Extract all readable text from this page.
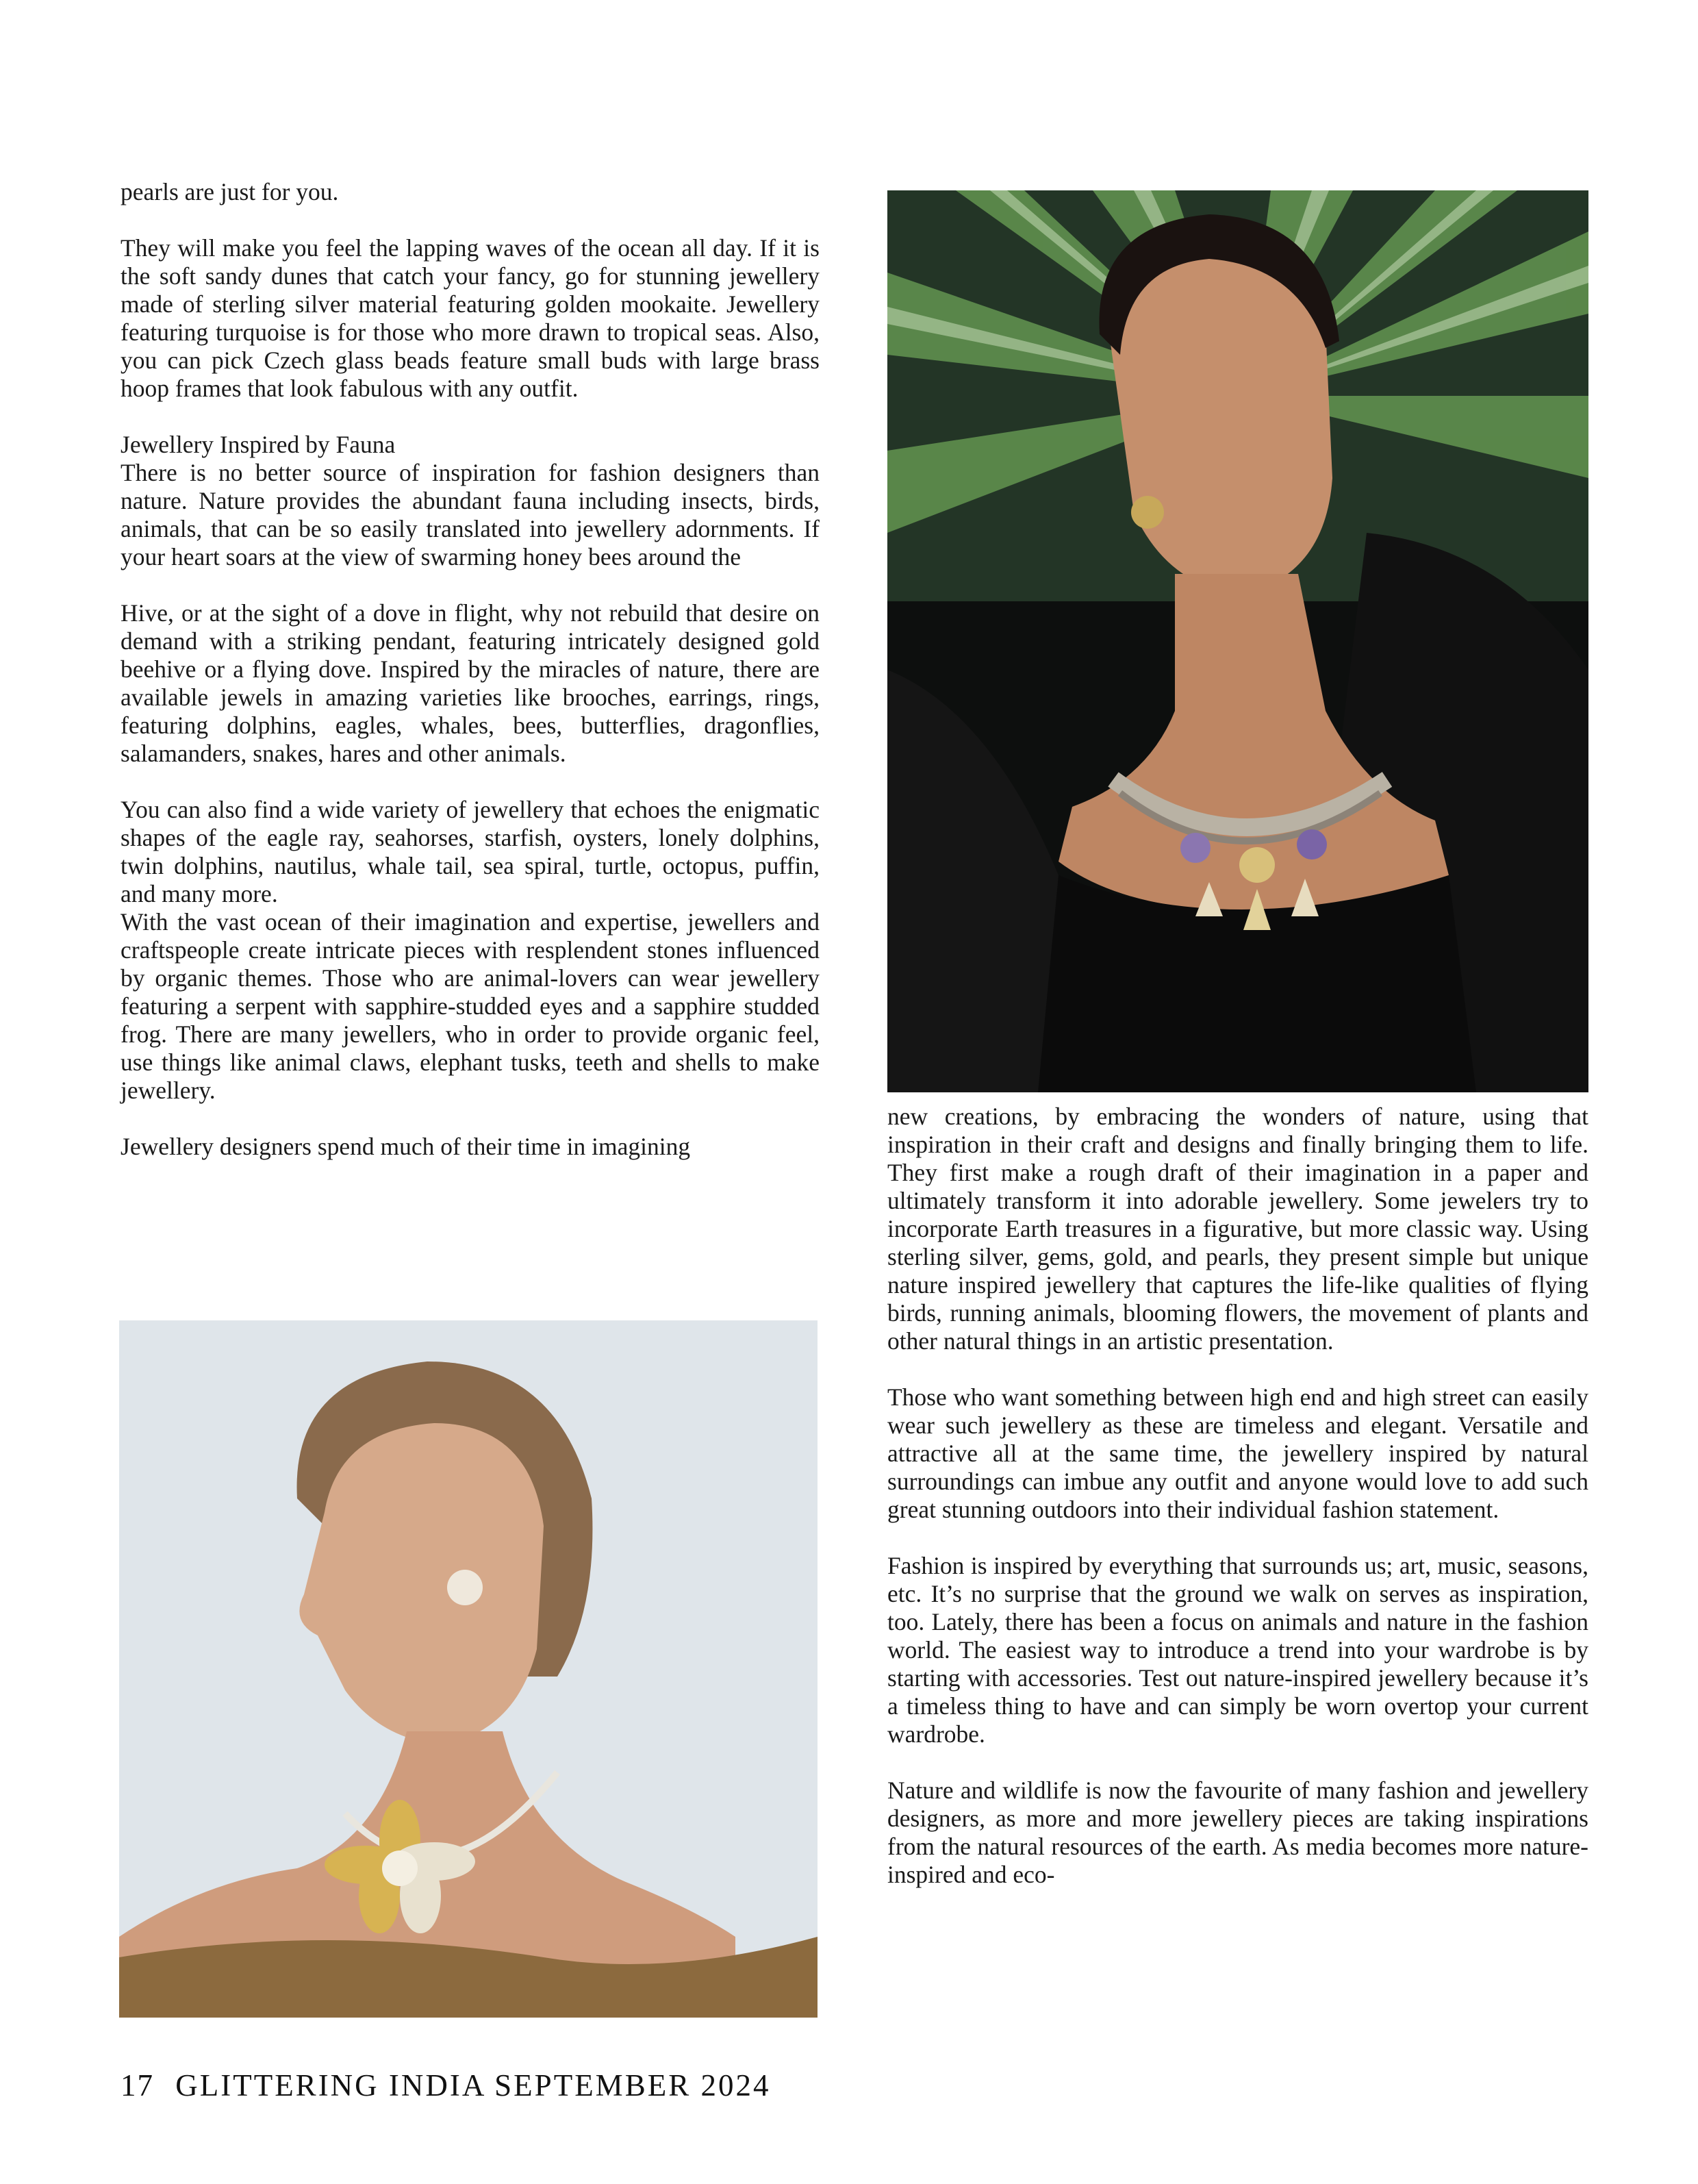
pearls are just for you.

They will make you feel the lapping waves of the ocean all day. If it is the soft sandy dunes that catch your fancy, go for stunning jewellery made of sterling silver material featuring golden mookaite. Jewellery featuring turquoise is for those who more drawn to tropical seas. Also, you can pick Czech glass beads feature small buds with large brass hoop frames that look fabulous with any outfit.

Jewellery Inspired by Fauna

There is no better source of inspiration for fashion designers than nature. Nature provides the abundant fauna including insects, birds, animals, that can be so easily translated into jewellery adornments. If your heart soars at the view of swarming honey bees around the

Hive, or at the sight of a dove in flight, why not rebuild that desire on demand with a striking pendant, featuring intricately designed gold beehive or a flying dove. Inspired by the miracles of nature, there are available jewels in amazing varieties like brooches, earrings, rings, featuring dolphins, eagles, whales, bees, butterflies, dragonflies, salamanders, snakes, hares and other animals.

You can also find a wide variety of jewellery that echoes the enigmatic shapes of the eagle ray, seahorses, starfish, oysters, lonely dolphins, twin dolphins, nautilus, whale tail, sea spiral, turtle, octopus, puffin, and many more.

With the vast ocean of their imagination and expertise, jewellers and craftspeople create intricate pieces with resplendent stones influenced by organic themes. Those who are animal-lovers can wear jewellery featuring a serpent with sapphire-studded eyes and a sapphire studded frog. There are many jewellers, who in order to provide organic feel, use things like animal claws, elephant tusks, teeth and shells to make jewellery.

Jewellery designers spend much of their time in imagining

new creations, by embracing the wonders of nature, using that inspiration in their craft and designs and finally bringing them to life. They first make a rough draft of their imagination in a paper and ultimately transform it into adorable jewellery. Some jewelers try to incorporate Earth treasures in a figurative, but more classic way. Using sterling silver, gems, gold, and pearls, they present simple but unique nature inspired jewellery that captures the life-like qualities of flying birds, running animals, blooming flowers, the movement of plants and other natural things in an artistic presentation.

Those who want something between high end and high street can easily wear such jewellery as these are timeless and elegant. Versatile and attractive all at the same time, the jewellery inspired by natural surroundings can imbue any outfit and anyone would love to add such great stunning outdoors into their individual fashion statement.

Fashion is inspired by everything that surrounds us; art, music, seasons, etc. It’s no surprise that the ground we walk on serves as inspiration, too. Lately, there has been a focus on animals and nature in the fashion world. The easiest way to introduce a trend into your wardrobe is by starting with accessories. Test out nature-inspired jewellery because it’s a timeless thing to have and can simply be worn overtop your current wardrobe.

Nature and wildlife is now the favourite of many fashion and jewellery designers, as more and more jewellery pieces are taking inspirations from the natural resources of the earth. As media becomes more nature-inspired and eco-

17 GLITTERING INDIA SEPTEMBER 2024
